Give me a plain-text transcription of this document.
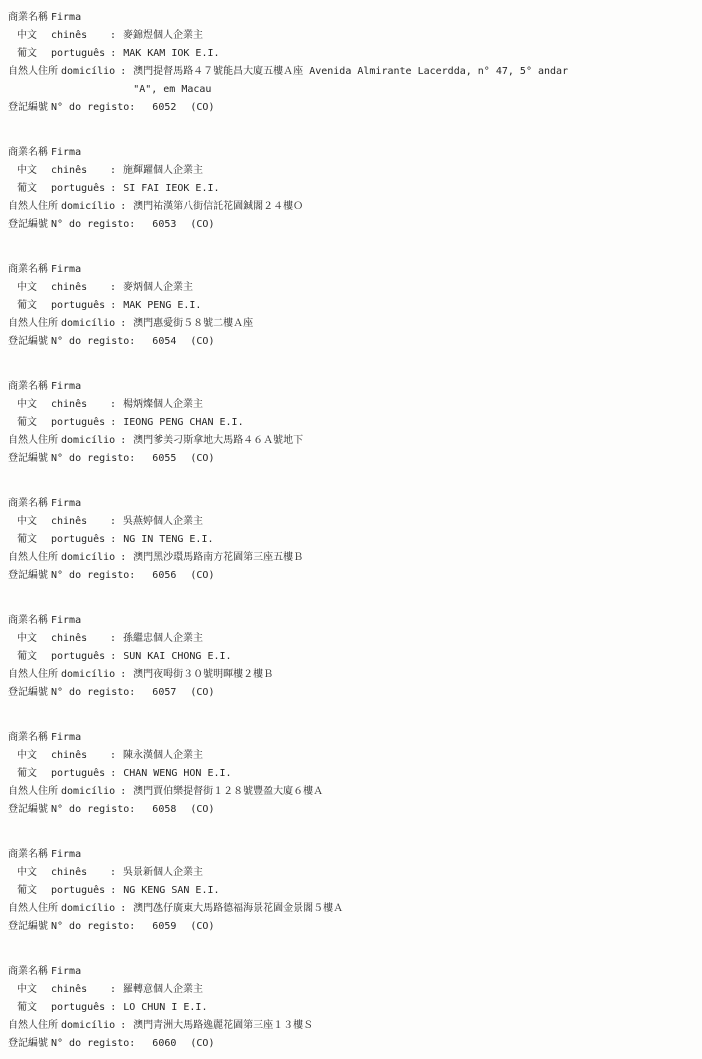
商業名稱 Firma
中文	chinês	: 麥錦煜個人企業主
葡文	português : MAK KAM IOK E.I.
自然人住所 domicílio : 澳門提督馬路４７號能昌大廈五樓Ａ座 Avenida Almirante Lacerdda, n° 47, 5° andar "A", em Macau
登記編號 N° do registo: 6052 (CO)
商業名稱 Firma
中文	chinês	: 施輝躍個人企業主
葡文	português : SI FAI IEOK E.I.
自然人住所 domicílio : 澳門祐漢第八街信託花園鋮閣２４樓Ｏ
登記編號 N° do registo: 6053 (CO)
商業名稱 Firma
中文	chinês	: 麥炳個人企業主
葡文	português : MAK PENG E.I.
自然人住所 domicílio : 澳門惠愛街５８號二樓Ａ座
登記編號 N° do registo: 6054 (CO)
商業名稱 Firma
中文	chinês	: 楊炳燦個人企業主
葡文	português : IEONG PENG CHAN E.I.
自然人住所 domicílio : 澳門爹美刁斯拿地大馬路４６Ａ號地下
登記編號 N° do registo: 6055 (CO)
商業名稱 Firma
中文	chinês	: 吳燕婷個人企業主
葡文	português : NG IN TENG E.I.
自然人住所 domicílio : 澳門黑沙環馬路南方花園第三座五樓Ｂ
登記編號 N° do registo: 6056 (CO)
商業名稱 Firma
中文	chinês	: 孫繼忠個人企業主
葡文	português : SUN KAI CHONG E.I.
自然人住所 domicílio : 澳門夜呣街３０號明暉樓２樓Ｂ
登記編號 N° do registo: 6057 (CO)
商業名稱 Firma
中文	chinês	: 陳永漢個人企業主
葡文	português : CHAN WENG HON E.I.
自然人住所 domicílio : 澳門賈伯樂提督街１２８號豐盈大廈６樓Ａ
登記編號 N° do registo: 6058 (CO)
商業名稱 Firma
中文	chinês	: 吳景新個人企業主
葡文	português : NG KENG SAN E.I.
自然人住所 domicílio : 澳門氹仔廣東大馬路德福海景花園金景閣５樓Ａ
登記編號 N° do registo: 6059 (CO)
商業名稱 Firma
中文	chinês	: 羅轉意個人企業主
葡文	português : LO CHUN I E.I.
自然人住所 domicílio : 澳門青洲大馬路逸麗花園第三座１３樓Ｓ
登記編號 N° do registo: 6060 (CO)
